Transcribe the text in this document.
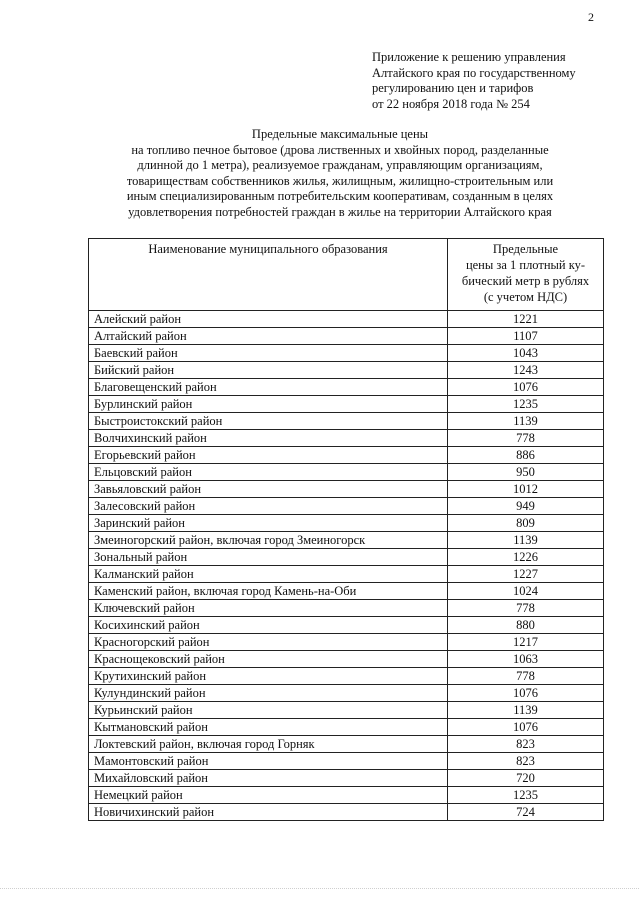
2
Приложение к решению управления
Алтайского края по государственному
регулированию цен и тарифов
от 22 ноября 2018 года № 254
Предельные максимальные цены
на топливо печное бытовое (дрова лиственных и хвойных пород, разделанные
длинной до 1 метра), реализуемое гражданам, управляющим организациям,
товариществам собственников жилья, жилищным, жилищно-строительным или
иным специализированным потребительским кооперативам, созданным в целях
удовлетворения потребностей граждан в жилье на территории Алтайского края
Наименование муниципального образования	Предельные
цены за 1 плотный ку-
бический метр в рублях
(с учетом НДС)

Алейский район	1221
Алтайский район	1107
Баевский район	1043
Бийский район	1243
Благовещенский район	1076
Бурлинский район	1235
Быстроистокский район	1139
Волчихинский район	778
Егорьевский район	886
Ельцовский район	950
Завьяловский район	1012
Залесовский район	949
Заринский район	809
Змеиногорский район, включая город Змеиногорск	1139
Зональный район	1226
Калманский район	1227
Каменский район, включая город Камень-на-Оби	1024
Ключевский район	778
Косихинский район	880
Красногорский район	1217
Краснощековский район	1063
Крутихинский район	778
Кулундинский район	1076
Курьинский район	1139
Кытмановский район	1076
Локтевский район, включая город Горняк	823
Мамонтовский район	823
Михайловский район	720
Немецкий район	1235
Новичихинский район	724
